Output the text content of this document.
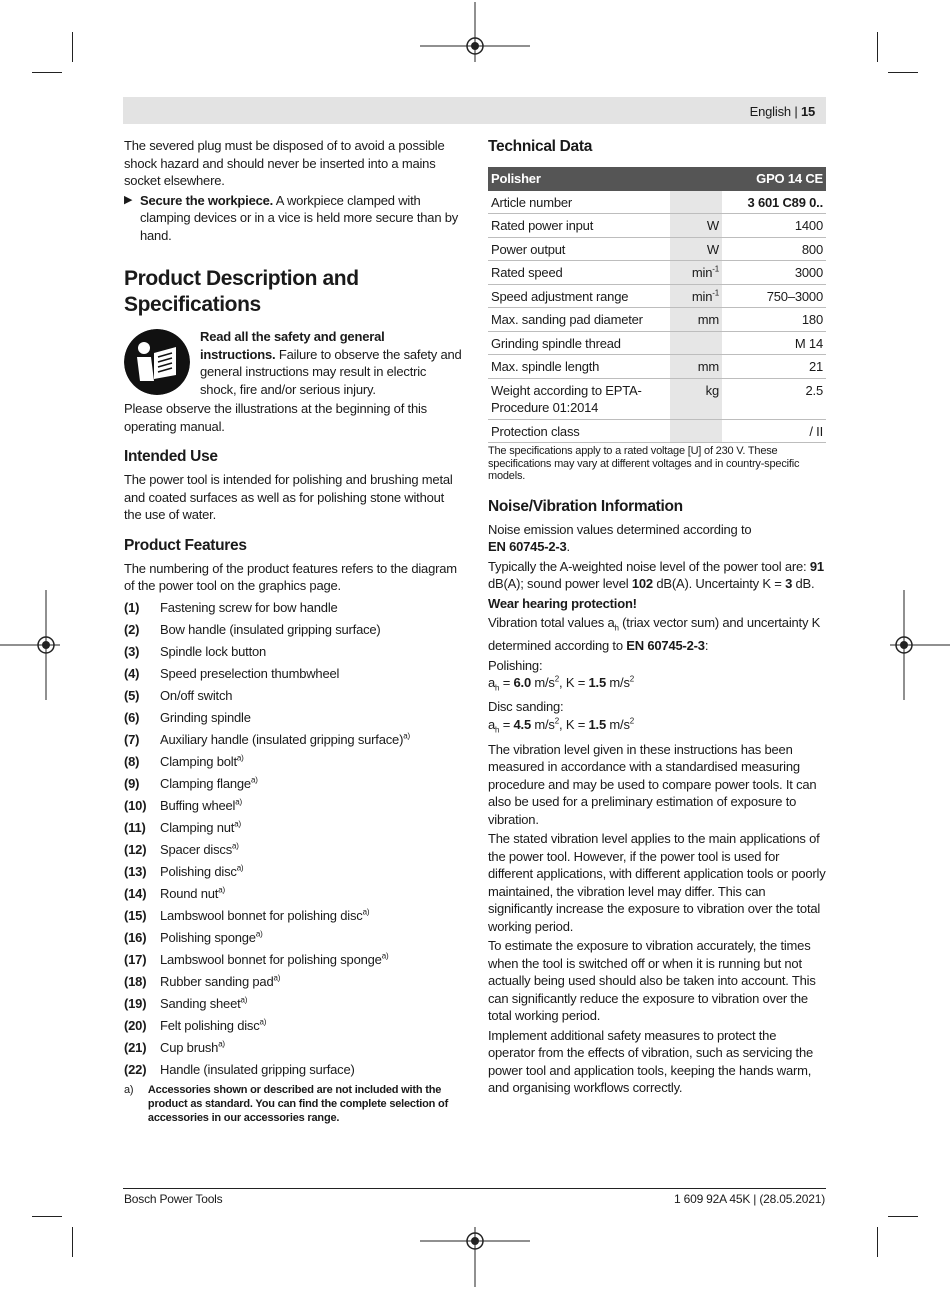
English | 15

The severed plug must be disposed of to avoid a possible shock hazard and should never be inserted into a mains socket elsewhere.

▶ Secure the workpiece. A workpiece clamped with clamping devices or in a vice is held more secure than by hand.
Product Description and Specifications
Read all the safety and general instructions. Failure to observe the safety and general instructions may result in electric shock, fire and/or serious injury.

Please observe the illustrations at the beginning of this operating manual.

Intended Use

The power tool is intended for polishing and brushing metal and coated surfaces as well as for polishing stone without the use of water.

Product Features

The numbering of the product features refers to the diagram of the power tool on the graphics page.

(1)	Fastening screw for bow handle
(2)	Bow handle (insulated gripping surface)
(3)	Spindle lock button
(4)	Speed preselection thumbwheel
(5)	On/off switch
(6)	Grinding spindle
(7)	Auxiliary handle (insulated gripping surface)$^{a)}$
(8)	Clamping bolt$^{a)}$
(9)	Clamping flange$^{a)}$
(10)	Buffing wheel$^{a)}$
(11)	Clamping nut$^{a)}$
(12)	Spacer discs$^{a)}$
(13)	Polishing disc$^{a)}$
(14)	Round nut$^{a)}$
(15)	Lambswool bonnet for polishing disc$^{a)}$
(16)	Polishing sponge$^{a)}$
(17)	Lambswool bonnet for polishing sponge$^{a)}$
(18)	Rubber sanding pad$^{a)}$
(19)	Sanding sheet$^{a)}$
(20)	Felt polishing disc$^{a)}$
(21)	Cup brush$^{a)}$
(22)	Handle (insulated gripping surface)
a)	Accessories shown or described are not included with the product as standard. You can find the complete selection of accessories in our accessories range.
Technical Data
Polisher		GPO 14 CE
Article number		3 601 C89 0..
Rated power input	W	1400
Power output	W	800
Rated speed	$\min^{-1}$	3000
Speed adjustment range	$\min^{-1}$	750–3000
Max. sanding pad diameter	mm	180
Grinding spindle thread		M 14
Max. spindle length	mm	21
Weight according to EPTA-Procedure 01:2014	kg	2.5
Protection class		/ II

The specifications apply to a rated voltage [U] of 230 V. These specifications may vary at different voltages and in country-specific models.

Noise/Vibration Information

Noise emission values determined according to
EN 60745-2-3.

Typically the A-weighted noise level of the power tool are: 91 dB(A); sound power level 102 dB(A). Uncertainty K = 3 dB.

Wear hearing protection!

Vibration total values $a_h$ (triax vector sum) and uncertainty K determined according to EN 60745-2-3:

Polishing:
$a_h = 6.0$ $m/s^2$, K = 1.5 $m/s^2$

Disc sanding:
$a_h = 4.5$ $m/s^2$, K = 1.5 $m/s^2$

The vibration level given in these instructions has been measured in accordance with a standardised measuring procedure and may be used to compare power tools. It can also be used for a preliminary estimation of exposure to vibration.

The stated vibration level applies to the main applications of the power tool. However, if the power tool is used for different applications, with different application tools or poorly maintained, the vibration level may differ. This can significantly increase the exposure to vibration over the total working period.

To estimate the exposure to vibration accurately, the times when the tool is switched off or when it is running but not actually being used should also be taken into account. This can significantly reduce the exposure to vibration over the total working period.

Implement additional safety measures to protect the operator from the effects of vibration, such as servicing the power tool and application tools, keeping the hands warm, and organising workflows correctly.

Bosch Power Tools	1 609 92A 45K | (28.05.2021)
